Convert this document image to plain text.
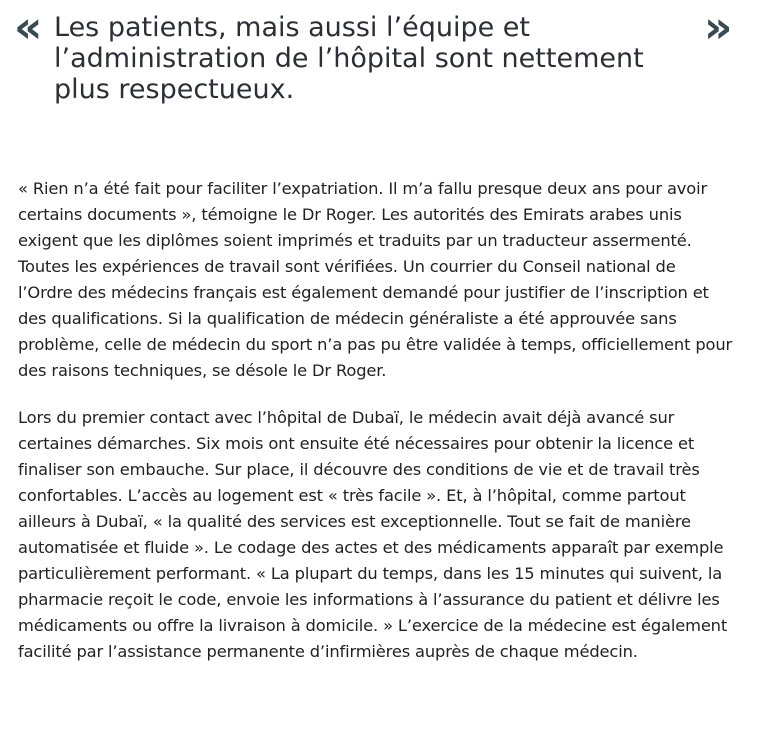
« Les patients, mais aussi l’équipe et l’administration de l’hôpital sont nettement plus respectueux.

»

« Rien n’a été fait pour faciliter l’expatriation. Il m’a fallu presque deux ans pour avoir certains documents », témoigne le Dr Roger. Les autorités des Emirats arabes unis exigent que les diplômes soient imprimés et traduits par un traducteur assermenté. Toutes les expériences de travail sont vérifiées. Un courrier du Conseil national de l’Ordre des médecins français est également demandé pour justifier de l’inscription et des qualifications. Si la qualification de médecin généraliste a été approuvée sans problème, celle de médecin du sport n’a pas pu être validée à temps, officiellement pour des raisons techniques, se désole le Dr Roger.

Lors du premier contact avec l’hôpital de Dubaï, le médecin avait déjà avancé sur certaines démarches. Six mois ont ensuite été nécessaires pour obtenir la licence et finaliser son embauche. Sur place, il découvre des conditions de vie et de travail très confortables. L’accès au logement est « très facile ». Et, à l’hôpital, comme partout ailleurs à Dubaï, « la qualité des services est exceptionnelle. Tout se fait de manière automatisée et fluide ». Le codage des actes et des médicaments apparaît par exemple particulièrement performant. « La plupart du temps, dans les 15 minutes qui suivent, la pharmacie reçoit le code, envoie les informations à l’assurance du patient et délivre les médicaments ou offre la livraison à domicile. » L’exercice de la médecine est également facilité par l’assistance permanente d’infirmières auprès de chaque médecin.
